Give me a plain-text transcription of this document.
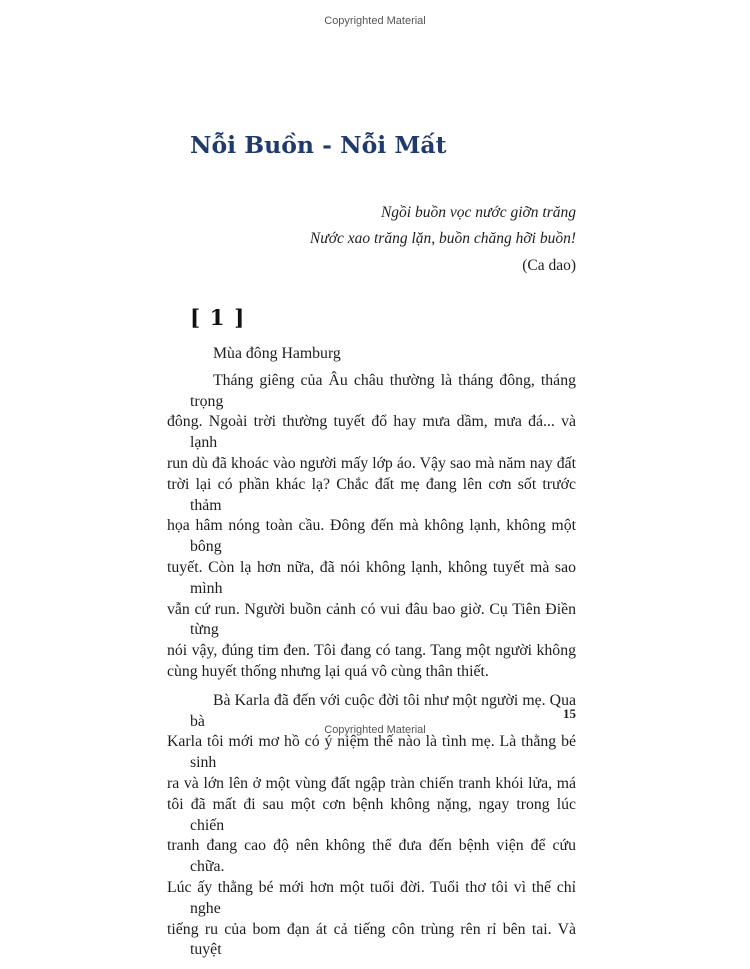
Copyrighted Material
Nỗi Buồn - Nỗi Mất
Ngồi buồn vọc nước giỡn trăng
Nước xao trăng lặn, buồn chăng hỡi buồn!
(Ca dao)
[ 1 ]

Mùa đông Hamburg

Tháng giêng của Âu châu thường là tháng đông, tháng trọng
đông. Ngoài trời thường tuyết đổ hay mưa dầm, mưa đá... và lạnh
run dù đã khoác vào người mấy lớp áo. Vậy sao mà năm nay đất
trời lại có phần khác lạ? Chắc đất mẹ đang lên cơn sốt trước thảm
họa hâm nóng toàn cầu. Đông đến mà không lạnh, không một bông
tuyết. Còn lạ hơn nữa, đã nói không lạnh, không tuyết mà sao mình
vẫn cứ run. Người buồn cảnh có vui đâu bao giờ. Cụ Tiên Điền từng
nói vậy, đúng tim đen. Tôi đang có tang. Tang một người không
cùng huyết thống nhưng lại quá vô cùng thân thiết.

Bà Karla đã đến với cuộc đời tôi như một người mẹ. Qua bà
Karla tôi mới mơ hồ có ý niệm thế nào là tình mẹ. Là thằng bé sinh
ra và lớn lên ở một vùng đất ngập tràn chiến tranh khói lửa, má
tôi đã mất đi sau một cơn bệnh không nặng, ngay trong lúc chiến
tranh đang cao độ nên không thể đưa đến bệnh viện để cứu chữa.
Lúc ấy thằng bé mới hơn một tuổi đời. Tuổi thơ tôi vì thế chỉ nghe
tiếng ru của bom đạn át cả tiếng côn trùng rên rỉ bên tai. Và tuyệt

15
Copyrighted Material
